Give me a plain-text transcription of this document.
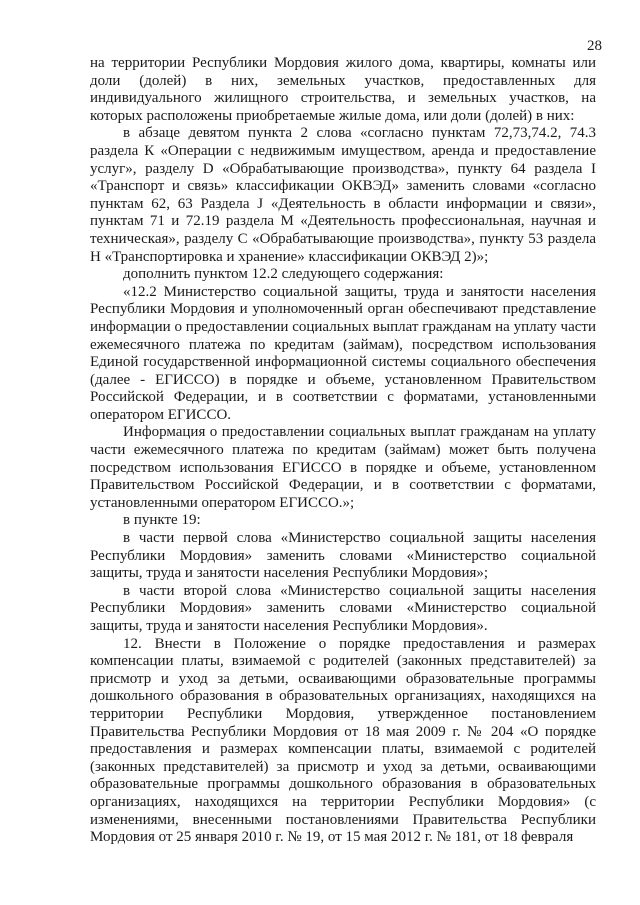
28

на территории Республики Мордовия жилого дома, квартиры, комнаты или доли (долей) в них, земельных участков, предоставленных для индивидуального жилищного строительства, и земельных участков, на которых расположены приобретаемые жилые дома, или доли (долей) в них:

в абзаце девятом пункта 2 слова «согласно пунктам 72,73,74.2, 74.3 раздела К «Операции с недвижимым имуществом, аренда и предоставление услуг», разделу D «Обрабатывающие производства», пункту 64 раздела I «Транспорт и связь» классификации ОКВЭД» заменить словами «согласно пунктам 62, 63 Раздела J «Деятельность в области информации и связи», пунктам 71 и 72.19 раздела М «Деятельность профессиональная, научная и техническая», разделу С «Обрабатывающие производства», пункту 53 раздела Н «Транспортировка и хранение» классификации ОКВЭД 2)»;

дополнить пунктом 12.2 следующего содержания:

«12.2 Министерство социальной защиты, труда и занятости населения Республики Мордовия и уполномоченный орган обеспечивают представление информации о предоставлении социальных выплат гражданам на уплату части ежемесячного платежа по кредитам (займам), посредством использования Единой государственной информационной системы социального обеспечения (далее - ЕГИССО) в порядке и объеме, установленном Правительством Российской Федерации, и в соответствии с форматами, установленными оператором ЕГИССО.

Информация о предоставлении социальных выплат гражданам на уплату части ежемесячного платежа по кредитам (займам) может быть получена посредством использования ЕГИССО в порядке и объеме, установленном Правительством Российской Федерации, и в соответствии с форматами, установленными оператором ЕГИССО.»;

в пункте 19:

в части первой слова «Министерство социальной защиты населения Республики Мордовия» заменить словами «Министерство социальной защиты, труда и занятости населения Республики Мордовия»;

в части второй слова «Министерство социальной защиты населения Республики Мордовия» заменить словами «Министерство социальной защиты, труда и занятости населения Республики Мордовия».

12. Внести в Положение о порядке предоставления и размерах компенсации платы, взимаемой с родителей (законных представителей) за присмотр и уход за детьми, осваивающими образовательные программы дошкольного образования в образовательных организациях, находящихся на территории Республики Мордовия, утвержденное постановлением Правительства Республики Мордовия от 18 мая 2009 г. № 204 «О порядке предоставления и размерах компенсации платы, взимаемой с родителей (законных представителей) за присмотр и уход за детьми, осваивающими образовательные программы дошкольного образования в образовательных организациях, находящихся на территории Республики Мордовия» (с изменениями, внесенными постановлениями Правительства Республики Мордовия от 25 января 2010 г. № 19, от 15 мая 2012 г. № 181, от 18 февраля
